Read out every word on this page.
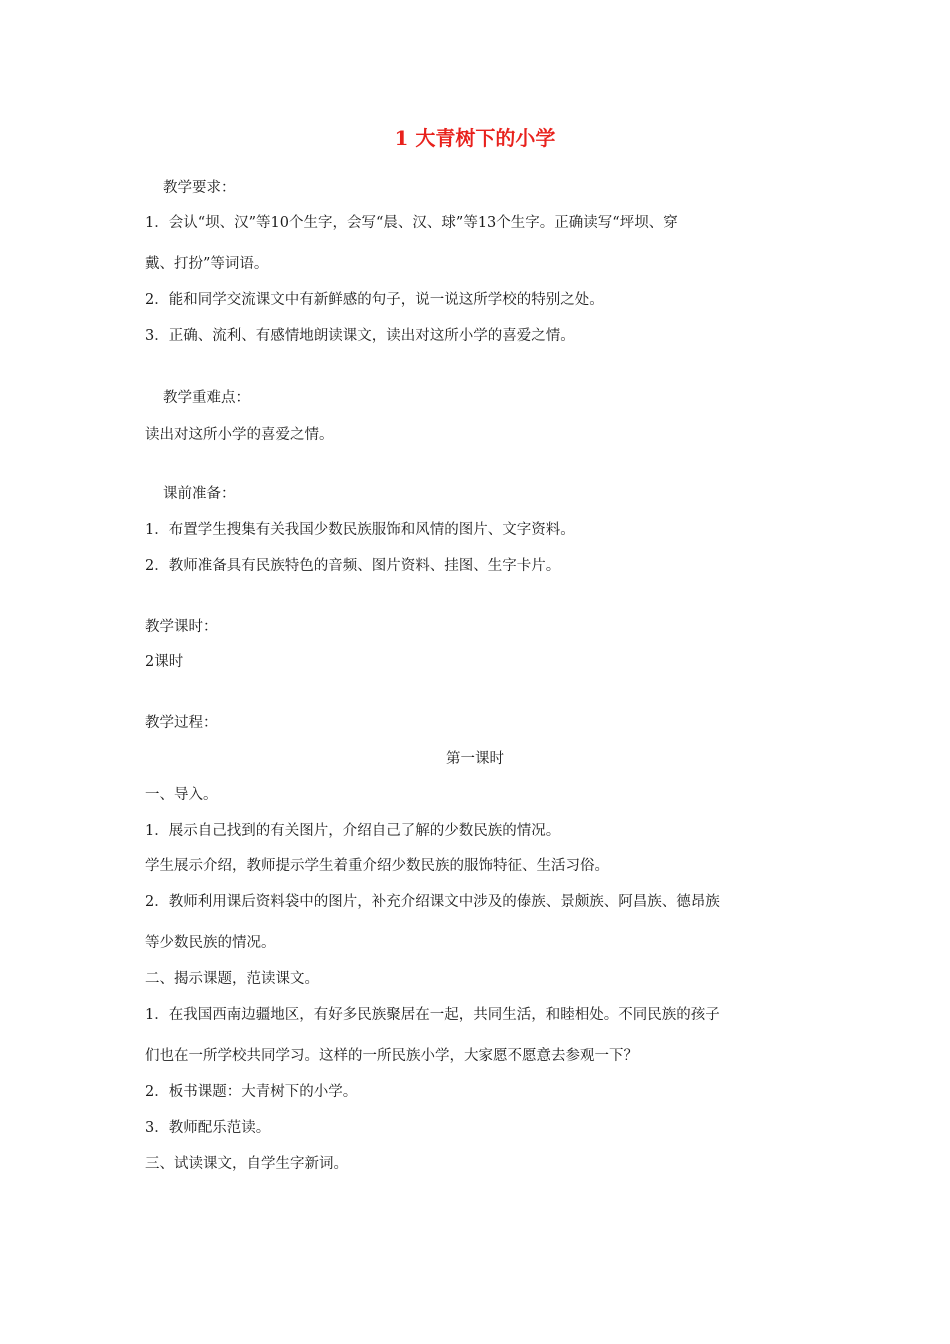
1 大青树下的小学
教学要求：
1．会认“坝、汉”等10个生字，会写“晨、汉、球”等13个生字。正确读写“坪坝、穿
戴、打扮”等词语。
2．能和同学交流课文中有新鲜感的句子，说一说这所学校的特别之处。
3．正确、流利、有感情地朗读课文，读出对这所小学的喜爱之情。
教学重难点：
读出对这所小学的喜爱之情。
课前准备：
1．布置学生搜集有关我国少数民族服饰和风情的图片、文字资料。
2．教师准备具有民族特色的音频、图片资料、挂图、生字卡片。
教学课时：
2课时
教学过程：
第一课时
一、导入。
1．展示自己找到的有关图片，介绍自己了解的少数民族的情况。
学生展示介绍，教师提示学生着重介绍少数民族的服饰特征、生活习俗。
2．教师利用课后资料袋中的图片，补充介绍课文中涉及的傣族、景颇族、阿昌族、德昂族
等少数民族的情况。
二、揭示课题，范读课文。
1．在我国西南边疆地区，有好多民族聚居在一起，共同生活，和睦相处。不同民族的孩子
们也在一所学校共同学习。这样的一所民族小学，大家愿不愿意去参观一下？
2．板书课题：大青树下的小学。
3．教师配乐范读。
三、试读课文，自学生字新词。
